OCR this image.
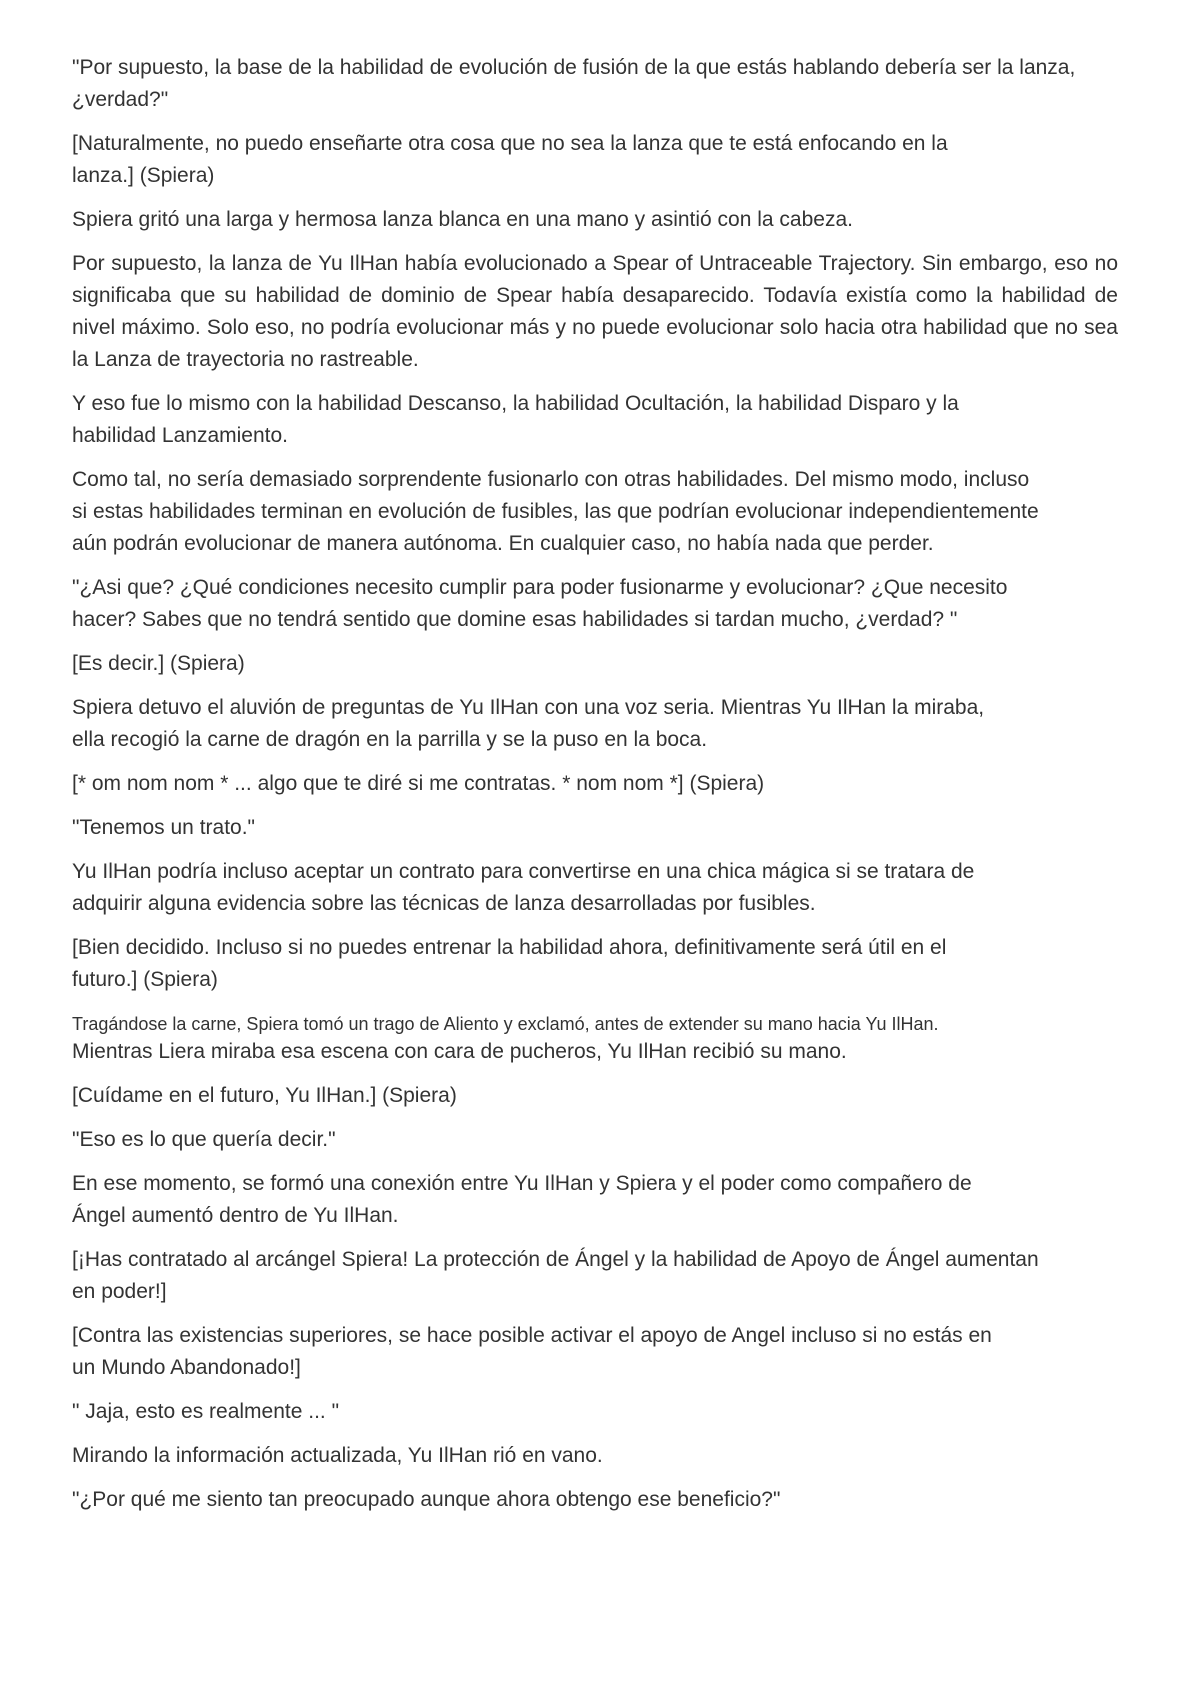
"Por supuesto, la base de la habilidad de evolución de fusión de la que estás hablando debería ser la lanza,
¿verdad?"

[Naturalmente, no puedo enseñarte otra cosa que no sea la lanza que te está enfocando en la
lanza.] (Spiera)

Spiera gritó una larga y hermosa lanza blanca en una mano y asintió con la cabeza.

Por supuesto, la lanza de Yu IlHan había evolucionado a Spear of Untraceable Trajectory. Sin embargo, eso no significaba que su habilidad de dominio de Spear había desaparecido. Todavía existía como la habilidad de nivel máximo. Solo eso, no podría evolucionar más y no puede evolucionar solo hacia otra habilidad que no sea la Lanza de trayectoria no rastreable.

Y eso fue lo mismo con la habilidad Descanso, la habilidad Ocultación, la habilidad Disparo y la
habilidad Lanzamiento.

Como tal, no sería demasiado sorprendente fusionarlo con otras habilidades. Del mismo modo, incluso
si estas habilidades terminan en evolución de fusibles, las que podrían evolucionar independientemente
aún podrán evolucionar de manera autónoma. En cualquier caso, no había nada que perder.

"¿Asi que? ¿Qué condiciones necesito cumplir para poder fusionarme y evolucionar? ¿Que necesito
hacer? Sabes que no tendrá sentido que domine esas habilidades si tardan mucho, ¿verdad? "

[Es decir.] (Spiera)

Spiera detuvo el aluvión de preguntas de Yu IlHan con una voz seria. Mientras Yu IlHan la miraba,
ella recogió la carne de dragón en la parrilla y se la puso en la boca.

[* om nom nom * ... algo que te diré si me contratas. * nom nom *] (Spiera)

"Tenemos un trato."

Yu IlHan podría incluso aceptar un contrato para convertirse en una chica mágica si se tratara de
adquirir alguna evidencia sobre las técnicas de lanza desarrolladas por fusibles.

[Bien decidido. Incluso si no puedes entrenar la habilidad ahora, definitivamente será útil en el
futuro.] (Spiera)

Tragándose la carne, Spiera tomó un trago de Aliento y exclamó, antes de extender su mano hacia Yu IlHan.

Mientras Liera miraba esa escena con cara de pucheros, Yu IlHan recibió su mano.

[Cuídame en el futuro, Yu IlHan.] (Spiera)

"Eso es lo que quería decir."

En ese momento, se formó una conexión entre Yu IlHan y Spiera y el poder como compañero de
Ángel aumentó dentro de Yu IlHan.

[¡Has contratado al arcángel Spiera! La protección de Ángel y la habilidad de Apoyo de Ángel aumentan
en poder!]

[Contra las existencias superiores, se hace posible activar el apoyo de Angel incluso si no estás en
un Mundo Abandonado!]

" Jaja, esto es realmente ... "

Mirando la información actualizada, Yu IlHan rió en vano.

"¿Por qué me siento tan preocupado aunque ahora obtengo ese beneficio?"
